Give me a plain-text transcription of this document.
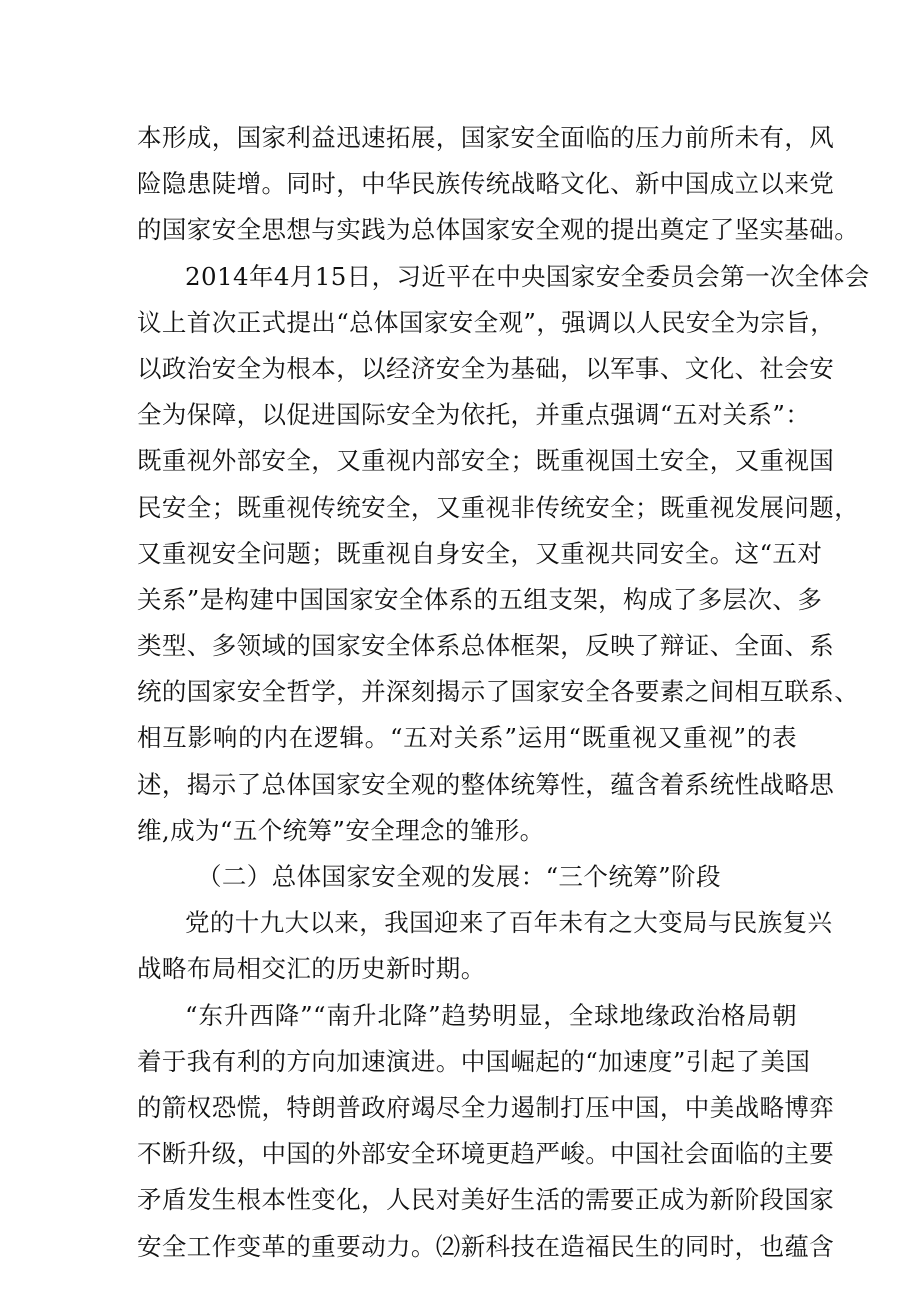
本形成，国家利益迅速拓展，国家安全面临的压力前所未有，风
险隐患陡增。同时，中华民族传统战略文化、新中国成立以来党
的国家安全思想与实践为总体国家安全观的提出奠定了坚实基础。
2014年4月15日，习近平在中央国家安全委员会第一次全体会
议上首次正式提出“总体国家安全观”，强调以人民安全为宗旨，
以政治安全为根本，以经济安全为基础，以军事、文化、社会安
全为保障，以促进国际安全为依托，并重点强调“五对关系”：
既重视外部安全，又重视内部安全；既重视国土安全，又重视国
民安全；既重视传统安全，又重视非传统安全；既重视发展问题，
又重视安全问题；既重视自身安全，又重视共同安全。这“五对
关系”是构建中国国家安全体系的五组支架，构成了多层次、多
类型、多领域的国家安全体系总体框架，反映了辩证、全面、系
统的国家安全哲学，并深刻揭示了国家安全各要素之间相互联系、
相互影响的内在逻辑。“五对关系”运用“既重视又重视”的表
述，揭示了总体国家安全观的整体统筹性，蕴含着系统性战略思
维,成为“五个统筹”安全理念的雏形。
（二）总体国家安全观的发展：“三个统筹”阶段
党的十九大以来，我国迎来了百年未有之大变局与民族复兴
战略布局相交汇的历史新时期。
“东升西降”“南升北降”趋势明显，全球地缘政治格局朝
着于我有利的方向加速演进。中国崛起的“加速度”引起了美国
的箭权恐慌，特朗普政府竭尽全力遏制打压中国，中美战略博弈
不断升级，中国的外部安全环境更趋严峻。中国社会面临的主要
矛盾发生根本性变化，人民对美好生活的需要正成为新阶段国家
安全工作变革的重要动力。⑵新科技在造福民生的同时，也蕴含
